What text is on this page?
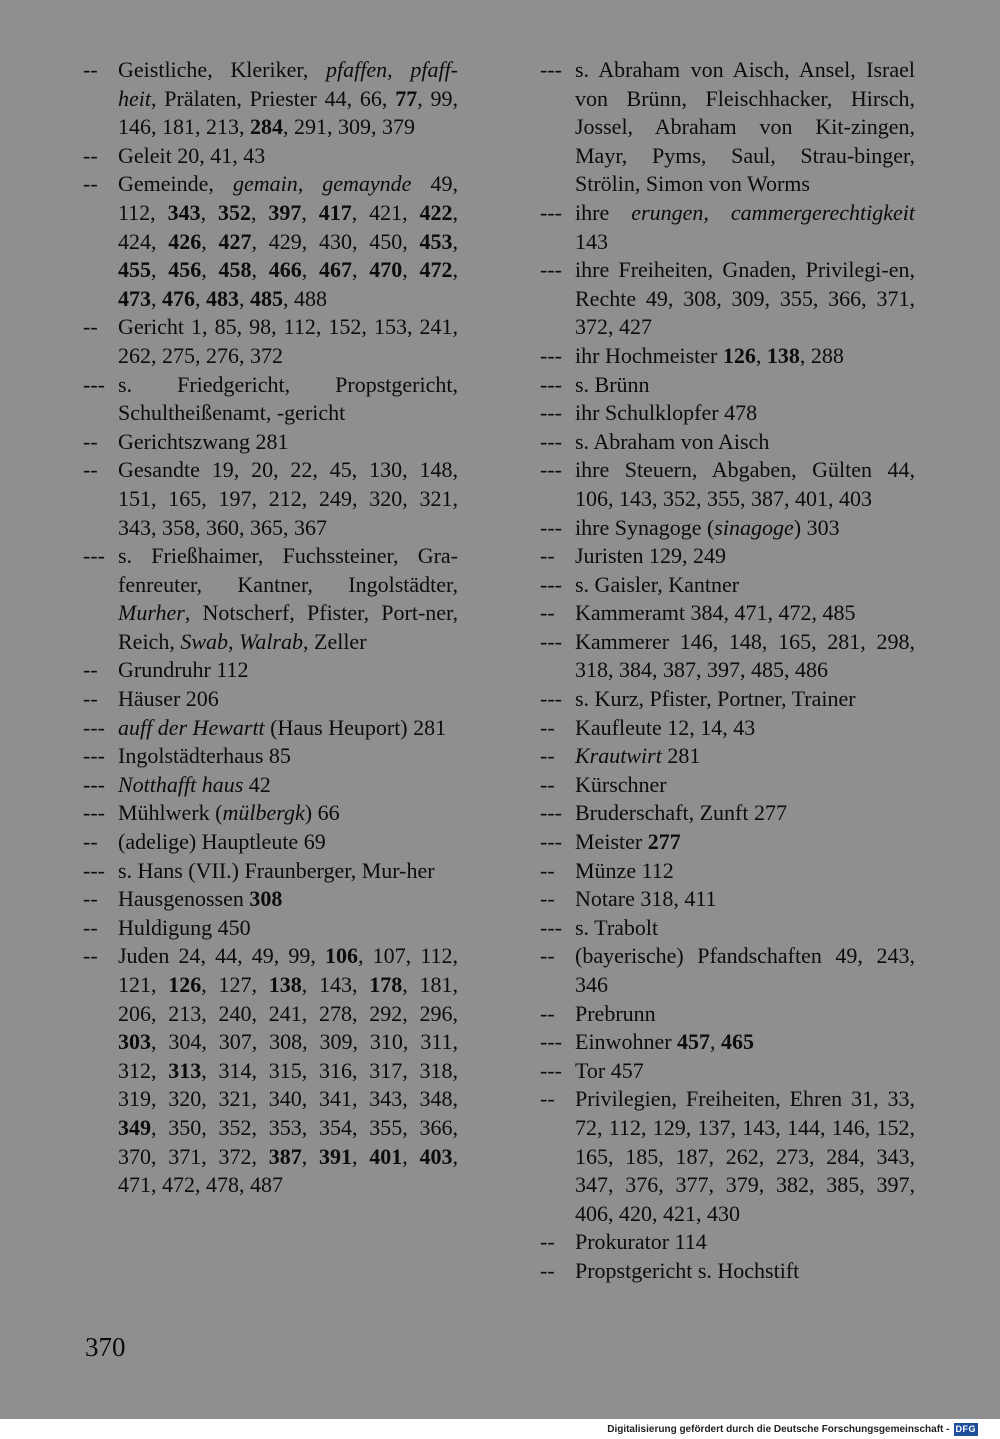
-- Geistliche, Kleriker, pfaffen, pfaff-heit, Prälaten, Priester 44, 66, 77, 99, 146, 181, 213, 284, 291, 309, 379
-- Geleit 20, 41, 43
-- Gemeinde, gemain, gemaynde 49, 112, 343, 352, 397, 417, 421, 422, 424, 426, 427, 429, 430, 450, 453, 455, 456, 458, 466, 467, 470, 472, 473, 476, 483, 485, 488
-- Gericht 1, 85, 98, 112, 152, 153, 241, 262, 275, 276, 372
--- s. Friedgericht, Propstgericht, Schultheißenamt, -gericht
-- Gerichtszwang 281
-- Gesandte 19, 20, 22, 45, 130, 148, 151, 165, 197, 212, 249, 320, 321, 343, 358, 360, 365, 367
--- s. Frießhaimer, Fuchssteiner, Gra-fenreuter, Kantner, Ingolstädter, Murher, Notscherf, Pfister, Port-ner, Reich, Swab, Walrab, Zeller
-- Grundruhr 112
-- Häuser 206
--- auff der Hewartt (Haus Heuport) 281
--- Ingolstädterhaus 85
--- Notthafft haus 42
--- Mühlwerk (mülbergk) 66
-- (adelige) Hauptleute 69
--- s. Hans (VII.) Fraunberger, Mur-her
-- Hausgenossen 308
-- Huldigung 450
-- Juden 24, 44, 49, 99, 106, 107, 112, 121, 126, 127, 138, 143, 178, 181, 206, 213, 240, 241, 278, 292, 296, 303, 304, 307, 308, 309, 310, 311, 312, 313, 314, 315, 316, 317, 318, 319, 320, 321, 340, 341, 343, 348, 349, 350, 352, 353, 354, 355, 366, 370, 371, 372, 387, 391, 401, 403, 471, 472, 478, 487
--- s. Abraham von Aisch, Ansel, Israel von Brünn, Fleischhacker, Hirsch, Jossel, Abraham von Kit-zingen, Mayr, Pyms, Saul, Strau-binger, Strölin, Simon von Worms
--- ihre erungen, cammergerechtigkeit 143
--- ihre Freiheiten, Gnaden, Privilegi-en, Rechte 49, 308, 309, 355, 366, 371, 372, 427
--- ihr Hochmeister 126, 138, 288
--- s. Brünn
--- ihr Schulklopfer 478
--- s. Abraham von Aisch
--- ihre Steuern, Abgaben, Gülten 44, 106, 143, 352, 355, 387, 401, 403
--- ihre Synagoge (sinagoge) 303
-- Juristen 129, 249
--- s. Gaisler, Kantner
-- Kammeramt 384, 471, 472, 485
--- Kammerer 146, 148, 165, 281, 298, 318, 384, 387, 397, 485, 486
--- s. Kurz, Pfister, Portner, Trainer
-- Kaufleute 12, 14, 43
-- Krautwirt 281
-- Kürschner
--- Bruderschaft, Zunft 277
--- Meister 277
-- Münze 112
-- Notare 318, 411
--- s. Trabolt
-- (bayerische) Pfandschaften 49, 243, 346
-- Prebrunn
--- Einwohner 457, 465
--- Tor 457
-- Privilegien, Freiheiten, Ehren 31, 33, 72, 112, 129, 137, 143, 144, 146, 152, 165, 185, 187, 262, 273, 284, 343, 347, 376, 377, 379, 382, 385, 397, 406, 420, 421, 430
-- Prokurator 114
-- Propstgericht s. Hochstift
370
Digitalisierung gefördert durch die Deutsche Forschungsgemeinschaft - DFG
